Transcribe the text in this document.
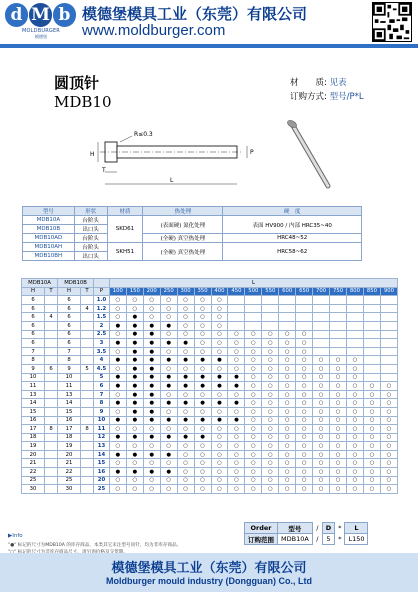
d M b
MOLDBURGER
模德堡
模德堡模具工业（东莞）有限公司
www.moldburger.com
圆顶针
MDB10
材　　质: 见表
订购方式: 型号/P*L
R≤0.3
H
T
L
P
型号	形状	材质	热处理	硬　度
MDB10A	台阶头	SKD61	(表面硬) 氮化处理	表面 HV900 / 内部 HRC35~40
MDB10B	出口头			
MDB10AD	台阶头		(全硬) 真空热处理	HRC48~52
MDB10AH	台阶头	SKH51	(全硬) 真空热处理	HRC58~62
MDB10BH	出口头			
MDB10A		MDB10B			L																
H	T	H	T	P	100	150	200	250	300	350	400	450	500	550	600	650	700	750	800	850	900
6		6		1.0	○	○	○	○	○	○	○										
6		6	4	1.2	○	○	○	○	○	○	○										
6	4	6		1.5	○	●	○	○	○	○	○										
6		6		2	●	●	●	●	○	○	○										
6		6		2.5	○	●	●	○	○	○	○	○	○	○	○	○					
6		6		3	●	●	●	●	●	○	○	○	○	○	○	○					
7		7		3.5	○	●	●	○	○	○	○	○	○	○	○	○					
8		8		4	●	●	●	●	●	●	●	○	○	○	○	○	○	○	○		
9	6	9	5	4.5	○	●	●	○	○	○	○	○	○	○	○	○	○	○	○		
10		10		5	●	●	●	●	●	●	●	●	○	○	○	○	○	○	○		
11		11		6	●	●	●	●	●	●	●	●	○	○	○	○	○	○	○	○	○
13		13		7	○	●	●	○	○	○	○	○	○	○	○	○	○	○	○	○	○
14		14		8	●	●	●	●	●	●	●	●	○	○	○	○	○	○	○	○	○
15		15		9	○	●	●	○	○	○	○	○	○	○	○	○	○	○	○	○	○
16		16		10	●	●	●	●	●	●	●	●	○	○	○	○	○	○	○	○	○
17	8	17	8	11	○	○	○	○	○	○	○	○	○	○	○	○	○	○	○	○	○
18		18		12	●	●	●	●	●	●	○	○	○	○	○	○	○	○	○	○	○
19		19		13	○	○	○	○	○	○	○	○	○	○	○	○	○	○	○	○	○
20		20		14	●	●	●	●	○	○	○	○	○	○	○	○	○	○	○	○	○
21		21		15	○	○	○	○	○	○	○	○	○	○	○	○	○	○	○	○	○
22		22		16	●	●	●	●	○	○	○	○	○	○	○	○	○	○	○	○	○
25		25		20	○	○	○	○	○	○	○	○	○	○	○	○	○	○	○	○	○
30		30		25	○	○	○	○	○	○	○	○	○	○	○	○	○	○	○	○	○
▶Info
"●" 标记的尺寸为MDB10A 的库存商品，本类其它未注型号顶针，均为非库存商品。
Order	型号	/	D	*	L
订购范围	MDB10A	/	5	*	L150
模德堡模具工业（东莞）有限公司
Moldburger mould industry (Dongguan) Co., Ltd
